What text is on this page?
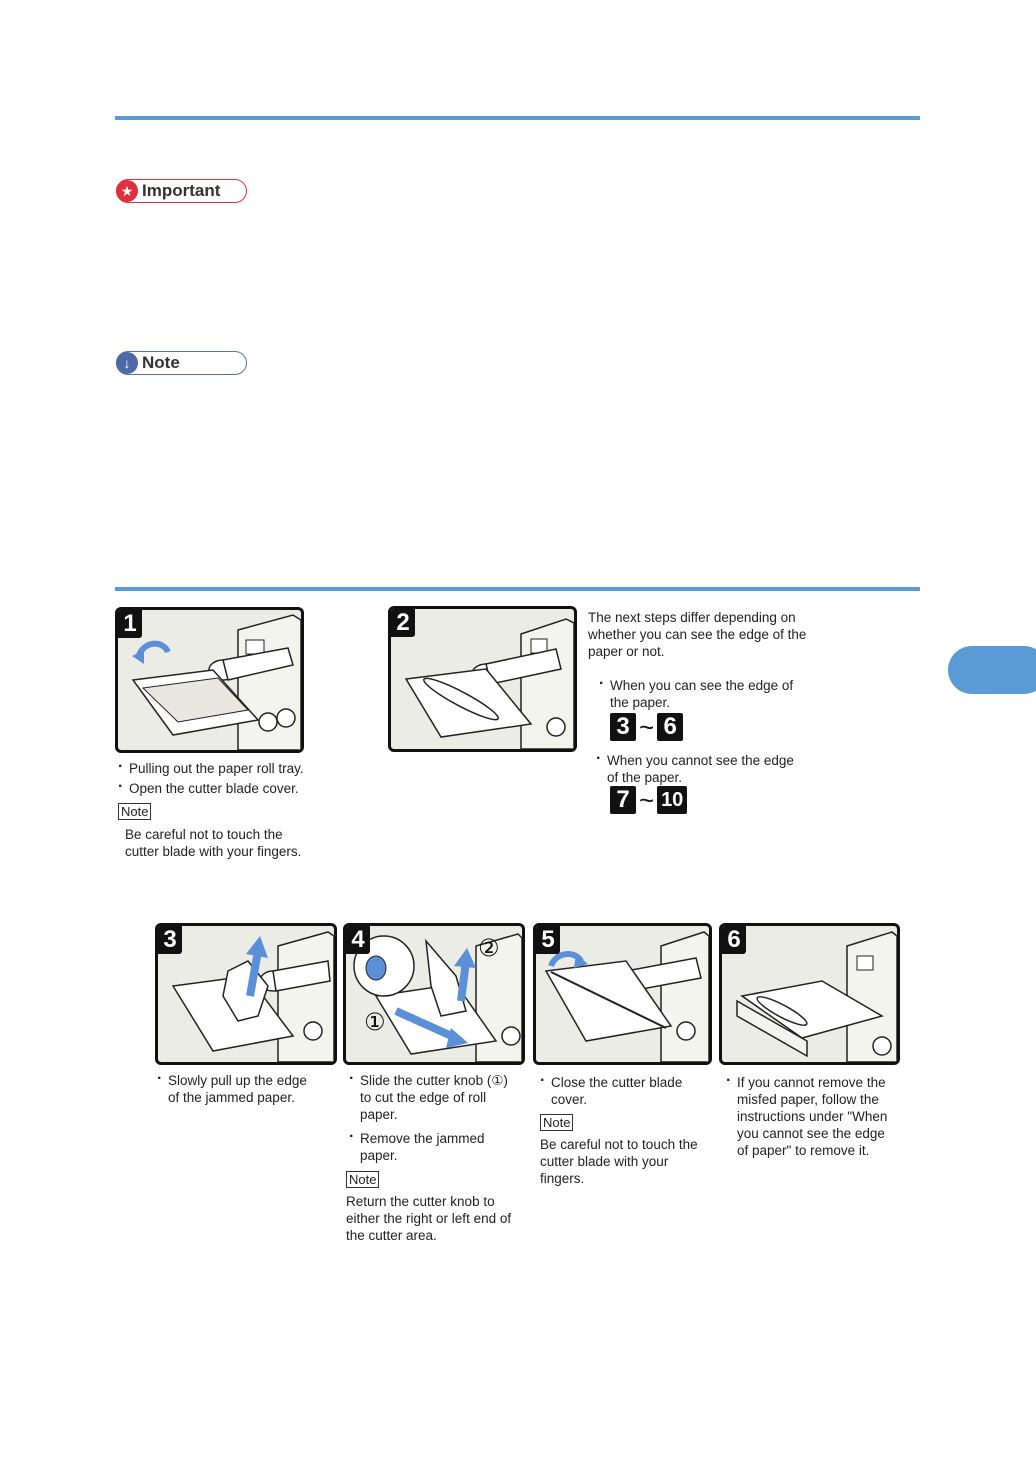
★ Important
↓ Note
1
· Pulling out the paper roll tray.
· Open the cutter blade cover.
Note
Be careful not to touch the
cutter blade with your fingers.
2	The next steps differ depending on
whether you can see the edge of the
paper or not.
· When you can see the edge of
the paper.
3 ~ 6
· When you cannot see the edge
of the paper.
7 ~ 10
3
· Slowly pull up the edge
of the jammed paper.
4
①
②
· Slide the cutter knob (①)
to cut the edge of roll
paper.
· Remove the jammed
paper.
Note
Return the cutter knob to
either the right or left end of
the cutter area.
5
· Close the cutter blade
cover.
Note
Be careful not to touch the
cutter blade with your
fingers.
6
· If you cannot remove the
misfed paper, follow the
instructions under "When
you cannot see the edge
of paper" to remove it.
